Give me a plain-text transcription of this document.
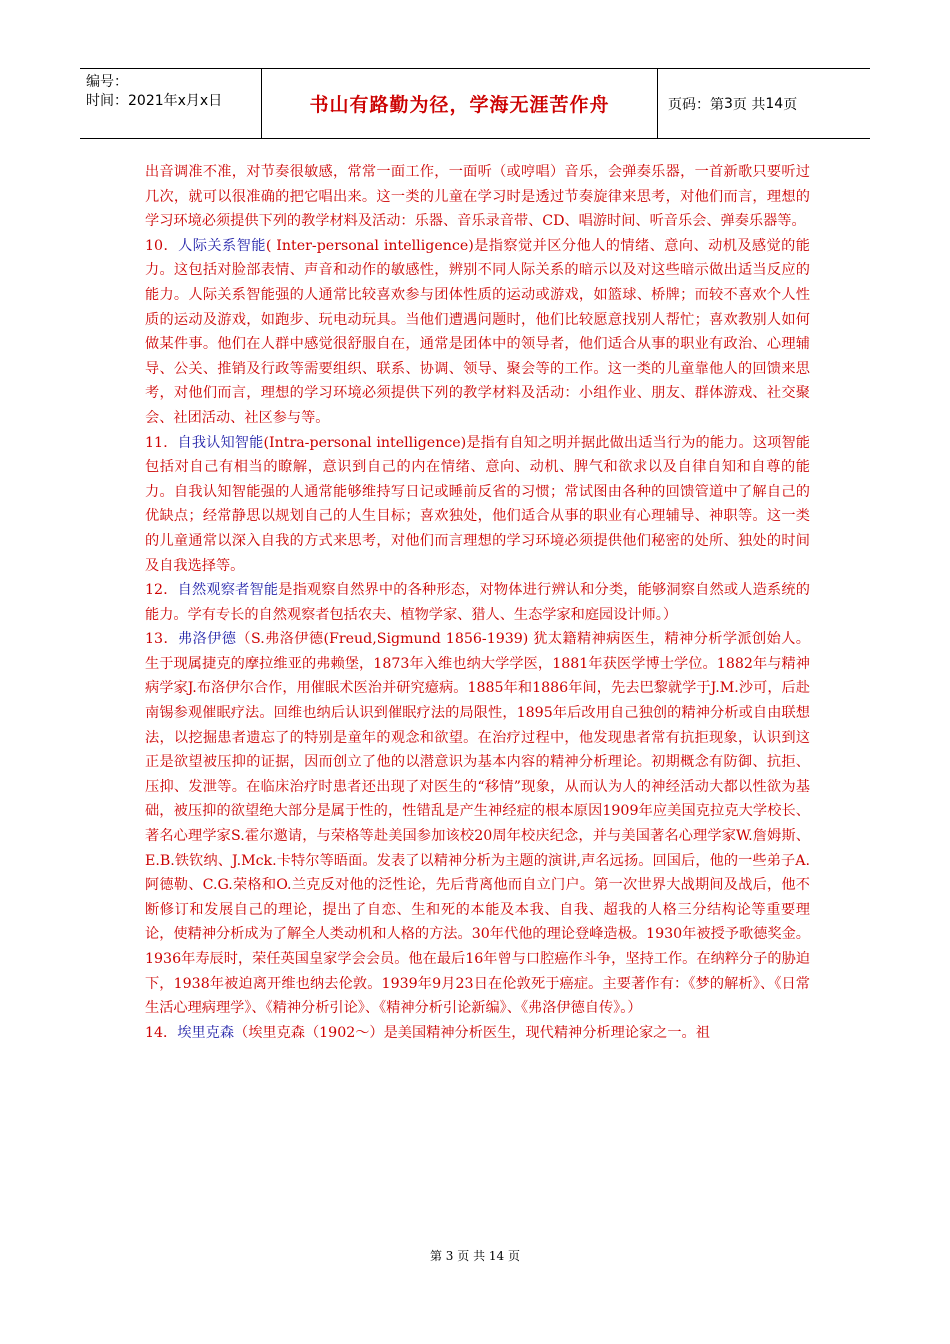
编号：
时间：2021年x月x日	书山有路勤为径，学海无涯苦作舟	页码：第 3 页 共 14 页

出音调准不准，对节奏很敏感，常常一面工作，一面听（或哼唱）音乐，会弹奏乐器，一首新歌只要听过几次，就可以很准确的把它唱出来。这一类的儿童在学习时是透过节奏旋律来思考，对他们而言，理想的学习环境必须提供下列的教学材料及活动：乐器、音乐录音带、CD、唱游时间、听音乐会、弹奏乐器等。

10．人际关系智能( Inter-personal intelligence)是指察觉并区分他人的情绪、意向、动机及感觉的能力。这包括对脸部表情、声音和动作的敏感性，辨别不同人际关系的暗示以及对这些暗示做出适当反应的能力。人际关系智能强的人通常比较喜欢参与团体性质的运动或游戏，如篮球、桥牌；而较不喜欢个人性质的运动及游戏，如跑步、玩电动玩具。当他们遭遇问题时，他们比较愿意找别人帮忙；喜欢教别人如何做某件事。他们在人群中感觉很舒服自在，通常是团体中的领导者，他们适合从事的职业有政治、心理辅导、公关、推销及行政等需要组织、联系、协调、领导、聚会等的工作。这一类的儿童靠他人的回馈来思考，对他们而言，理想的学习环境必须提供下列的教学材料及活动：小组作业、朋友、群体游戏、社交聚会、社团活动、社区参与等。

11．自我认知智能(Intra-personal intelligence)是指有自知之明并据此做出适当行为的能力。这项智能包括对自己有相当的瞭解，意识到自己的内在情绪、意向、动机、脾气和欲求以及自律自知和自尊的能力。自我认知智能强的人通常能够维持写日记或睡前反省的习惯；常试图由各种的回馈管道中了解自己的优缺点；经常静思以规划自己的人生目标；喜欢独处，他们适合从事的职业有心理辅导、神职等。这一类的儿童通常以深入自我的方式来思考，对他们而言理想的学习环境必须提供他们秘密的处所、独处的时间及自我选择等。

12．自然观察者智能是指观察自然界中的各种形态，对物体进行辨认和分类，能够洞察自然或人造系统的能力。学有专长的自然观察者包括农夫、植物学家、猎人、生态学家和庭园设计师。）

13．弗洛伊德（S.弗洛伊德(Freud,Sigmund 1856-1939) 犹太籍精神病医生，精神分析学派创始人。生于现属捷克的摩拉维亚的弗赖堡，1873年入维也纳大学学医，1881年获医学博士学位。1882年与精神病学家J.布洛伊尔合作，用催眠术医治并研究癔病。1885年和1886年间，先去巴黎就学于J.M.沙可，后赴南锡参观催眠疗法。回维也纳后认识到催眠疗法的局限性，1895年后改用自己独创的精神分析或自由联想法，以挖掘患者遗忘了的特别是童年的观念和欲望。在治疗过程中，他发现患者常有抗拒现象，认识到这正是欲望被压抑的证据，因而创立了他的以潜意识为基本内容的精神分析理论。初期概念有防御、抗拒、压抑、发泄等。在临床治疗时患者还出现了对医生的“移情”现象，从而认为人的神经活动大都以性欲为基础，被压抑的欲望绝大部分是属于性的，性错乱是产生神经症的根本原因1909年应美国克拉克大学校长、著名心理学家S.霍尔邀请，与荣格等赴美国参加该校20周年校庆纪念，并与美国著名心理学家W.詹姆斯、E.B.铁钦纳、J.Mck.卡特尔等晤面。发表了以精神分析为主题的演讲,声名远扬。回国后，他的一些弟子A.阿德勒、C.G.荣格和O.兰克反对他的泛性论，先后背离他而自立门户。第一次世界大战期间及战后，他不断修订和发展自己的理论，提出了自恋、生和死的本能及本我、自我、超我的人格三分结构论等重要理论，使精神分析成为了解全人类动机和人格的方法。30年代他的理论登峰造极。1930年被授予歌德奖金。1936年寿辰时，荣任英国皇家学会会员。他在最后16年曾与口腔癌作斗争，坚持工作。在纳粹分子的胁迫下，1938年被迫离开维也纳去伦敦。1939年9月23日在伦敦死于癌症。主要著作有：《梦的解析》、《日常生活心理病理学》、《精神分析引论》、《精神分析引论新编》、《弗洛伊德自传》。）

14．埃里克森（埃里克森（1902～）是美国精神分析医生，现代精神分析理论家之一。祖

第 3 页 共 14 页
